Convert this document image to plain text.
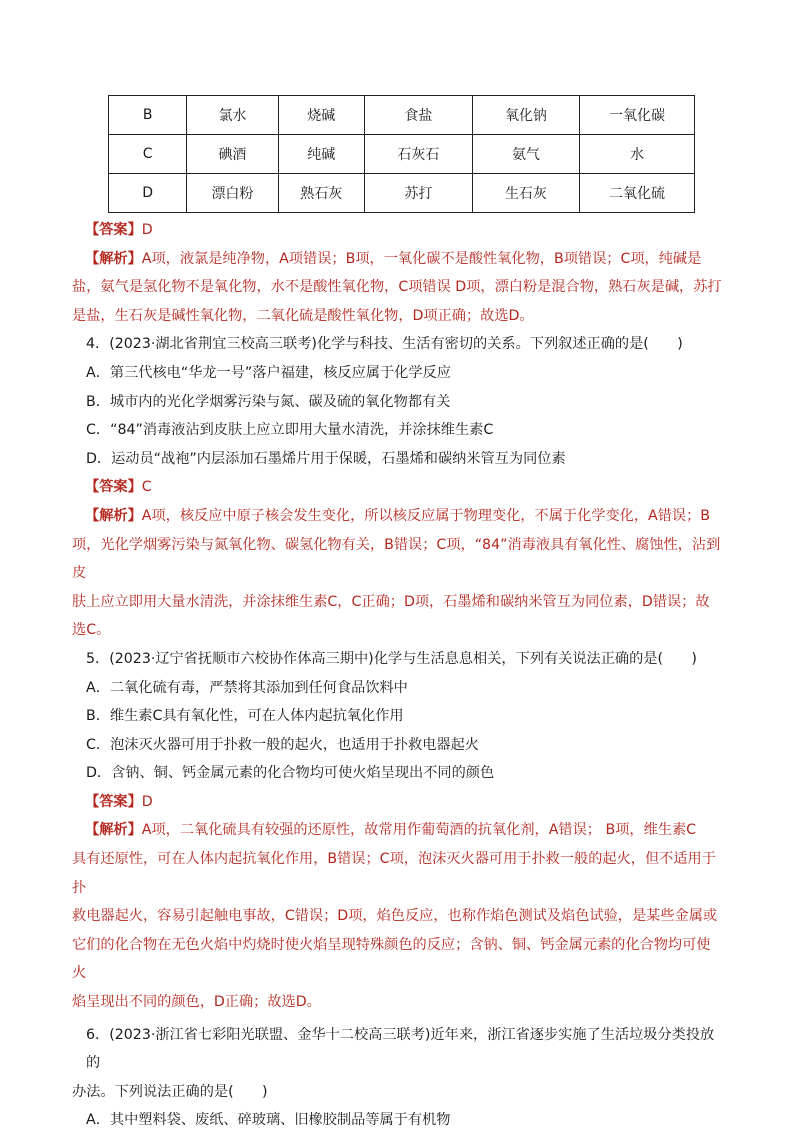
B	氯水	烧碱	食盐	氧化钠	一氧化碳
C	碘酒	纯碱	石灰石	氨气	水
D	漂白粉	熟石灰	苏打	生石灰	二氧化硫

【答案】D

【解析】A项，液氯是纯净物，A项错误；B项，一氧化碳不是酸性氧化物，B项错误；C项，纯碱是

盐，氨气是氢化物不是氧化物，水不是酸性氧化物，C项错误 D项，漂白粉是混合物，熟石灰是碱，苏打

是盐，生石灰是碱性氧化物，二氧化硫是酸性氧化物，D项正确；故选D。

4．(2023·湖北省荆宜三校高三联考)化学与科技、生活有密切的关系。下列叙述正确的是(　　)

A．第三代核电“华龙一号”落户福建，核反应属于化学反应

B．城市内的光化学烟雾污染与氮、碳及硫的氧化物都有关

C．“84”消毒液沾到皮肤上应立即用大量水清洗，并涂抹维生素C

D．运动员“战袍”内层添加石墨烯片用于保暖，石墨烯和碳纳米管互为同位素

【答案】C

【解析】A项，核反应中原子核会发生变化，所以核反应属于物理变化，不属于化学变化，A错误；B

项，光化学烟雾污染与氮氧化物、碳氢化物有关，B错误；C项，“84”消毒液具有氧化性、腐蚀性，沾到皮

肤上应立即用大量水清洗，并涂抹维生素C，C正确；D项，石墨烯和碳纳米管互为同位素，D错误；故

选C。

5．(2023·辽宁省抚顺市六校协作体高三期中)化学与生活息息相关，下列有关说法正确的是(　　)

A．二氧化硫有毒，严禁将其添加到任何食品饮料中

B．维生素C具有氧化性，可在人体内起抗氧化作用

C．泡沫灭火器可用于扑救一般的起火，也适用于扑救电器起火

D．含钠、铜、钙金属元素的化合物均可使火焰呈现出不同的颜色

【答案】D

【解析】A项，二氧化硫具有较强的还原性，故常用作葡萄酒的抗氧化剂，A错误； B项，维生素C

具有还原性，可在人体内起抗氧化作用，B错误；C项，泡沫灭火器可用于扑救一般的起火，但不适用于扑

救电器起火，容易引起触电事故，C错误；D项，焰色反应，也称作焰色测试及焰色试验，是某些金属或

它们的化合物在无色火焰中灼烧时使火焰呈现特殊颜色的反应；含钠、铜、钙金属元素的化合物均可使火

焰呈现出不同的颜色，D正确；故选D。

6．(2023·浙江省七彩阳光联盟、金华十二校高三联考)近年来，浙江省逐步实施了生活垃圾分类投放的

办法。下列说法正确的是(　　)

A．其中塑料袋、废纸、碎玻璃、旧橡胶制品等属于有机物
